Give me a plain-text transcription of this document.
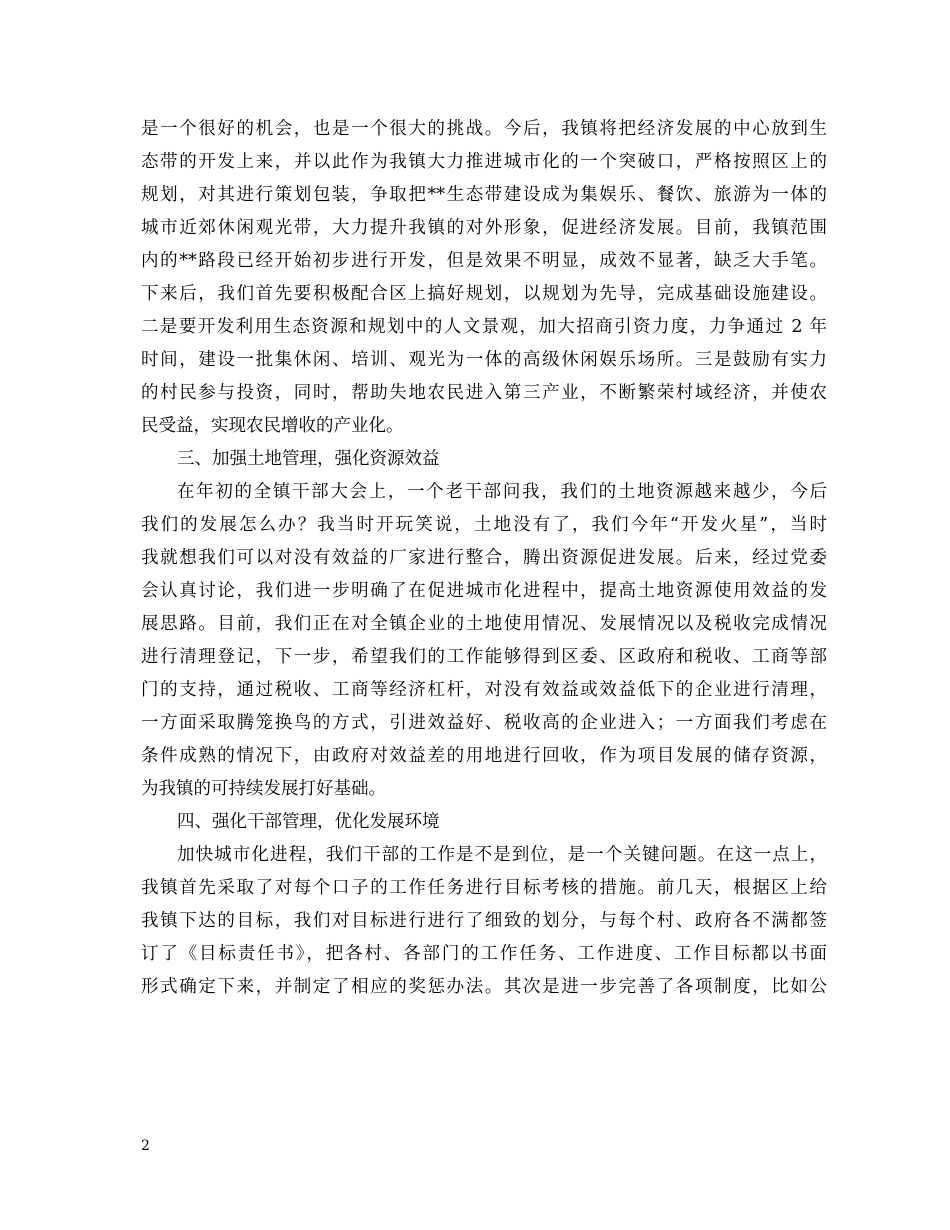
是一个很好的机会，也是一个很大的挑战。今后，我镇将把经济发展的中心放到生
态带的开发上来，并以此作为我镇大力推进城市化的一个突破口，严格按照区上的
规划，对其进行策划包装，争取把**生态带建设成为集娱乐、餐饮、旅游为一体的
城市近郊休闲观光带，大力提升我镇的对外形象，促进经济发展。目前，我镇范围
内的**路段已经开始初步进行开发，但是效果不明显，成效不显著，缺乏大手笔。
下来后，我们首先要积极配合区上搞好规划，以规划为先导，完成基础设施建设。
二是要开发利用生态资源和规划中的人文景观，加大招商引资力度，力争通过 2 年
时间，建设一批集休闲、培训、观光为一体的高级休闲娱乐场所。三是鼓励有实力
的村民参与投资，同时，帮助失地农民进入第三产业，不断繁荣村域经济，并使农
民受益，实现农民增收的产业化。
三、加强土地管理，强化资源效益
在年初的全镇干部大会上，一个老干部问我，我们的土地资源越来越少，今后
我们的发展怎么办？我当时开玩笑说，土地没有了，我们今年“开发火星”，当时
我就想我们可以对没有效益的厂家进行整合，腾出资源促进发展。后来，经过党委
会认真讨论，我们进一步明确了在促进城市化进程中，提高土地资源使用效益的发
展思路。目前，我们正在对全镇企业的土地使用情况、发展情况以及税收完成情况
进行清理登记，下一步，希望我们的工作能够得到区委、区政府和税收、工商等部
门的支持，通过税收、工商等经济杠杆，对没有效益或效益低下的企业进行清理，
一方面采取腾笼换鸟的方式，引进效益好、税收高的企业进入；一方面我们考虑在
条件成熟的情况下，由政府对效益差的用地进行回收，作为项目发展的储存资源，
为我镇的可持续发展打好基础。
四、强化干部管理，优化发展环境
加快城市化进程，我们干部的工作是不是到位，是一个关键问题。在这一点上，
我镇首先采取了对每个口子的工作任务进行目标考核的措施。前几天，根据区上给
我镇下达的目标，我们对目标进行进行了细致的划分，与每个村、政府各不满都签
订了《目标责任书》，把各村、各部门的工作任务、工作进度、工作目标都以书面
形式确定下来，并制定了相应的奖惩办法。其次是进一步完善了各项制度，比如公
2
